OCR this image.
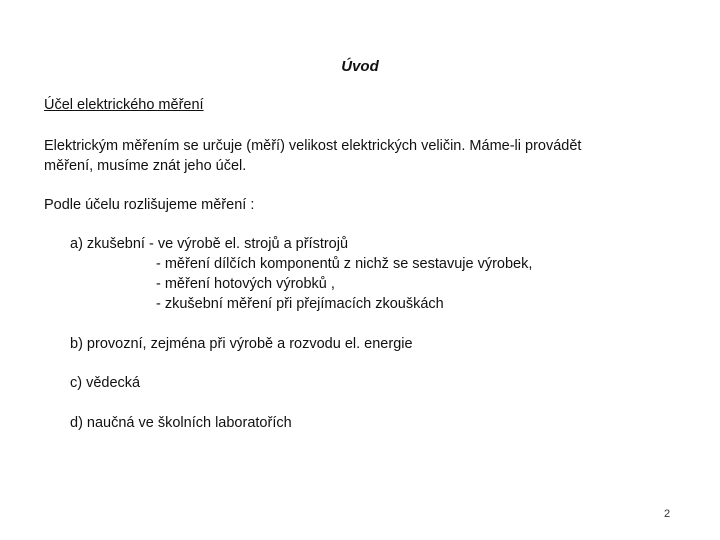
Úvod
Účel elektrického měření
Elektrickým měřením se určuje (měří) velikost elektrických veličin. Máme-li provádět
měření, musíme znát jeho účel.
Podle účelu rozlišujeme měření :
a) zkušební - ve výrobě el. strojů a přístrojů
- měření dílčích komponentů z nichž se sestavuje výrobek,
- měření hotových výrobků ,
- zkušební měření při přejímacích zkouškách
b) provozní, zejména při výrobě a rozvodu el. energie
c) vědecká
d) naučná ve školních laboratořích
2
